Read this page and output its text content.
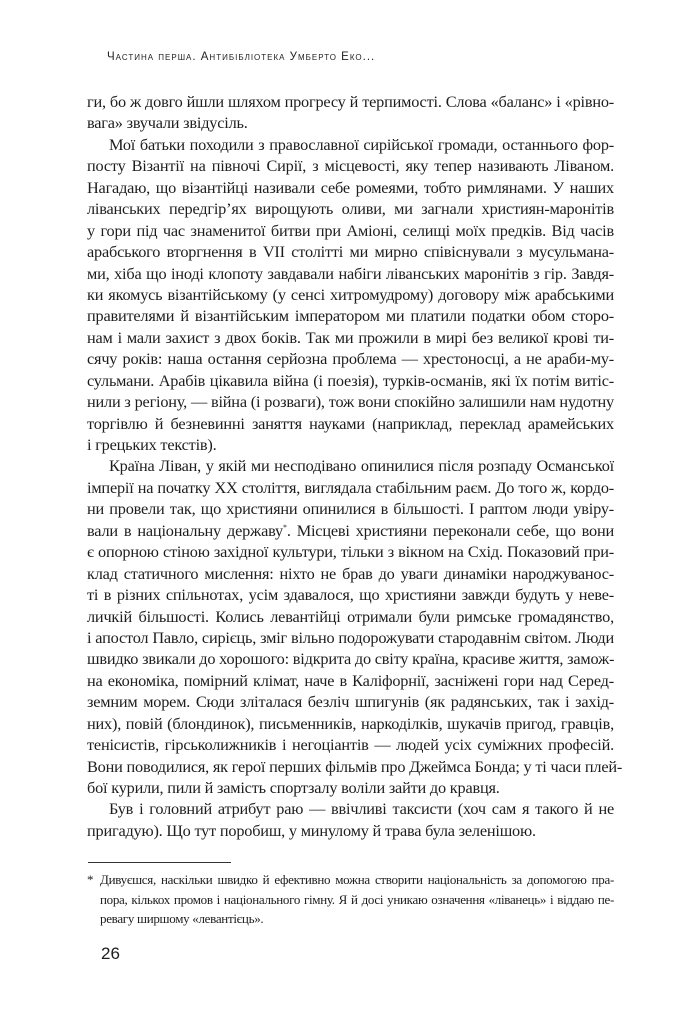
Частина перша. Антибібліотека Умберто Еко...
ги, бо ж довго йшли шляхом прогресу й терпимості. Слова «баланс» і «рівно-
вага» звучали звідусіль.
Мої батьки походили з православної сирійської громади, останнього фор-
посту Візантії на півночі Сирії, з місцевості, яку тепер називають Ліваном.
Нагадаю, що візантійці називали себе ромеями, тобто римлянами. У наших
ліванських передгір’ях вирощують оливи, ми загнали християн-маронітів
у гори під час знаменитої битви при Аміоні, селищі моїх предків. Від часів
арабського вторгнення в VII столітті ми мирно співіснували з мусульмана-
ми, хіба що іноді клопоту завдавали набіги ліванських маронітів з гір. Завдя-
ки якомусь візантійському (у сенсі хитромудрому) договору між арабськими
правителями й візантійським імператором ми платили податки обом сторо-
нам і мали захист з двох боків. Так ми прожили в мирі без великої крові ти-
сячу років: наша остання серйозна проблема — хрестоносці, а не араби-му-
сульмани. Арабів цікавила війна (і поезія), турків-османів, які їх потім витіс-
нили з регіону, — війна (і розваги), тож вони спокійно залишили нам нудотну
торгівлю й безневинні заняття науками (наприклад, переклад арамейських
і грецьких текстів).
Країна Ліван, у якій ми несподівано опинилися після розпаду Османської
імперії на початку XX століття, виглядала стабільним раєм. До того ж, кордо-
ни провели так, що християни опинилися в більшості. І раптом люди увіру-
вали в національну державу*. Місцеві християни переконали себе, що вони
є опорною стіною західної культури, тільки з вікном на Схід. Показовий при-
клад статичного мислення: ніхто не брав до уваги динаміки народжуванос-
ті в різних спільнотах, усім здавалося, що християни завжди будуть у неве-
личкій більшості. Колись левантійці отримали були римське громадянство,
і апостол Павло, сирієць, зміг вільно подорожувати стародавнім світом. Люди
швидко звикали до хорошого: відкрита до світу країна, красиве життя, замож-
на економіка, помірний клімат, наче в Каліфорнії, засніжені гори над Серед-
земним морем. Сюди зліталася безліч шпигунів (як радянських, так і захід-
них), повій (блондинок), письменників, наркоділків, шукачів пригод, гравців,
тенісистів, гірськолижників і негоціантів — людей усіх суміжних професій.
Вони поводилися, як герої перших фільмів про Джеймса Бонда; у ті часи плей-
бої курили, пили й замість спортзалу воліли зайти до кравця.
Був і головний атрибут раю — ввічливі таксисти (хоч сам я такого й не
пригадую). Що тут поробиш, у минулому й трава була зеленішою.
* Дивуєшся, наскільки швидко й ефективно можна створити національність за допомогою пра-
пора, кількох промов і національного гімну. Я й досі уникаю означення «ліванець» і віддаю пе-
ревагу ширшому «левантієць».
26
